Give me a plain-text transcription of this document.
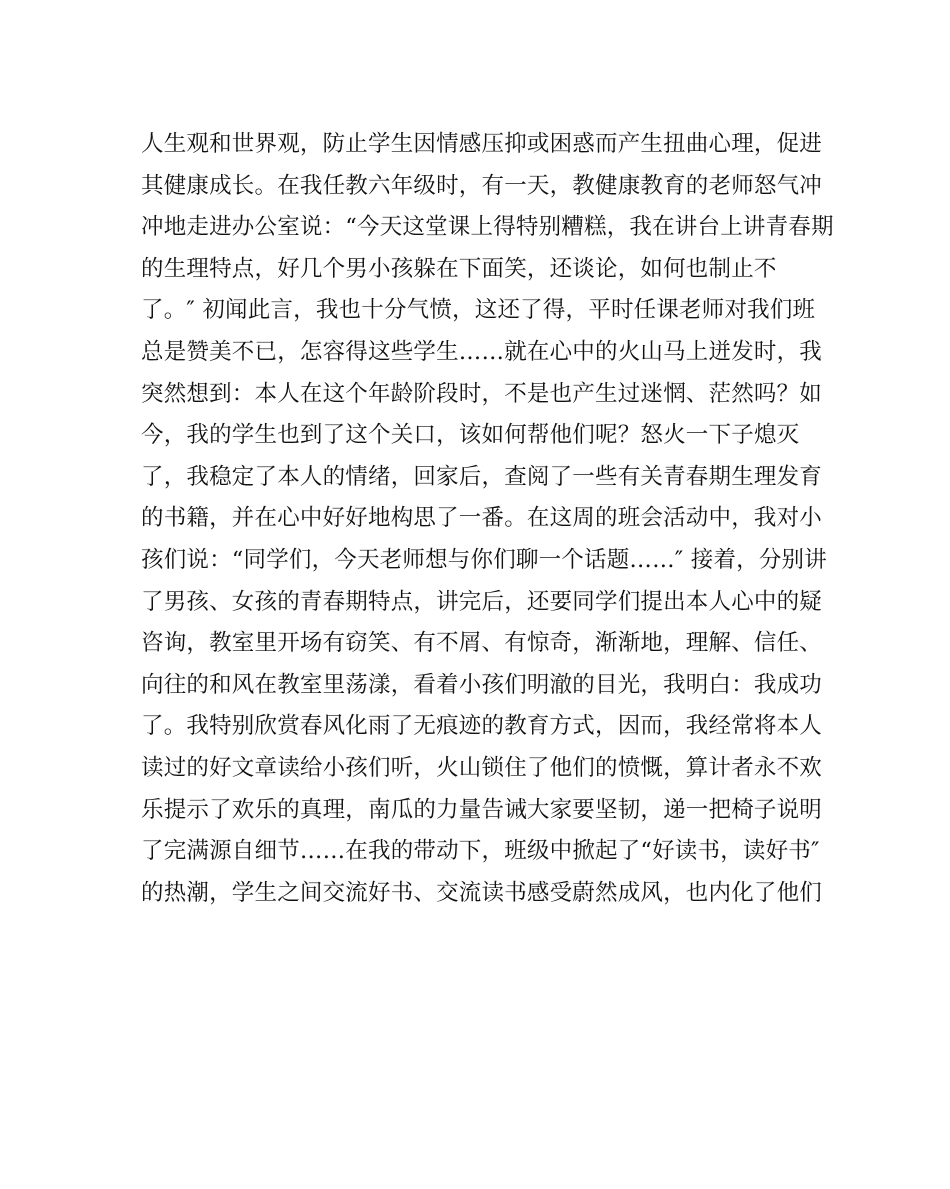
人生观和世界观，防止学生因情感压抑或困惑而产生扭曲心理，促进
其健康成长。在我任教六年级时，有一天，教健康教育的老师怒气冲
冲地走进办公室说：“今天这堂课上得特别糟糕，我在讲台上讲青春期
的生理特点，好几个男小孩躲在下面笑，还谈论，如何也制止不
了。″ 初闻此言，我也十分气愤，这还了得，平时任课老师对我们班
总是赞美不已，怎容得这些学生……就在心中的火山马上迸发时，我
突然想到：本人在这个年龄阶段时，不是也产生过迷惘、茫然吗？如
今，我的学生也到了这个关口，该如何帮他们呢？怒火一下子熄灭
了，我稳定了本人的情绪，回家后，查阅了一些有关青春期生理发育
的书籍，并在心中好好地构思了一番。在这周的班会活动中，我对小
孩们说：“同学们，今天老师想与你们聊一个话题……″ 接着，分别讲
了男孩、女孩的青春期特点，讲完后，还要同学们提出本人心中的疑
咨询，教室里开场有窃笑、有不屑、有惊奇，渐渐地，理解、信任、
向往的和风在教室里荡漾，看着小孩们明澈的目光，我明白：我成功
了。我特别欣赏春风化雨了无痕迹的教育方式，因而，我经常将本人
读过的好文章读给小孩们听，火山锁住了他们的愤慨，算计者永不欢
乐提示了欢乐的真理，南瓜的力量告诫大家要坚韧，递一把椅子说明
了完满源自细节……在我的带动下，班级中掀起了“好读书，读好书″
的热潮，学生之间交流好书、交流读书感受蔚然成风，也内化了他们
